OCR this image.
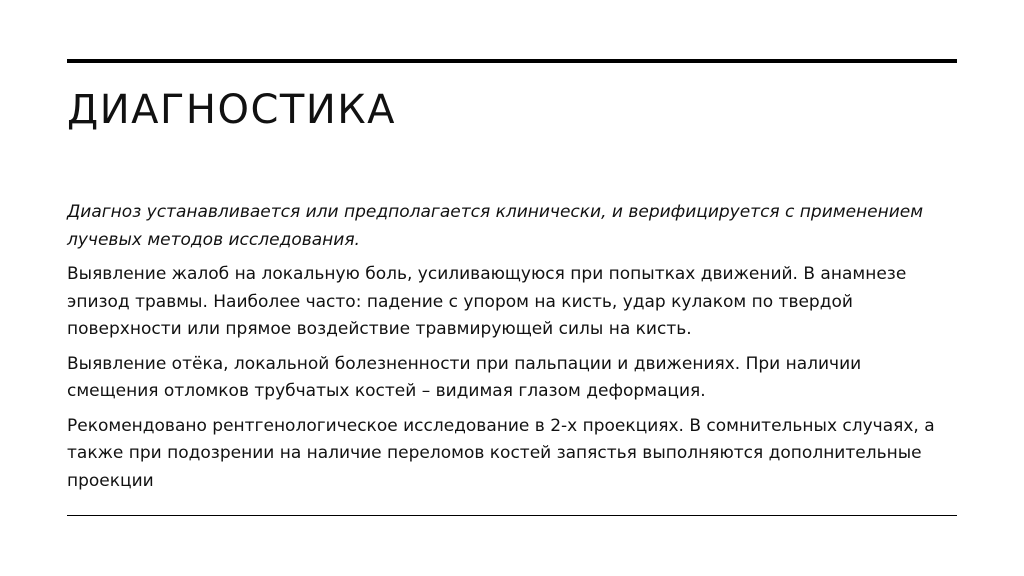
ДИАГНОСТИКА

Диагноз устанавливается или предполагается клинически, и верифицируется с применением лучевых методов исследования.

Выявление жалоб на локальную боль, усиливающуюся при попытках движений. В анамнезе эпизод травмы. Наиболее часто: падение с упором на кисть, удар кулаком по твердой поверхности или прямое воздействие травмирующей силы на кисть.

Выявление отёка, локальной болезненности при пальпации и движениях. При наличии смещения отломков трубчатых костей – видимая глазом деформация.

Рекомендовано рентгенологическое исследование в 2-х проекциях. В сомнительных случаях, а также при подозрении на наличие переломов костей запястья выполняются дополнительные проекции
